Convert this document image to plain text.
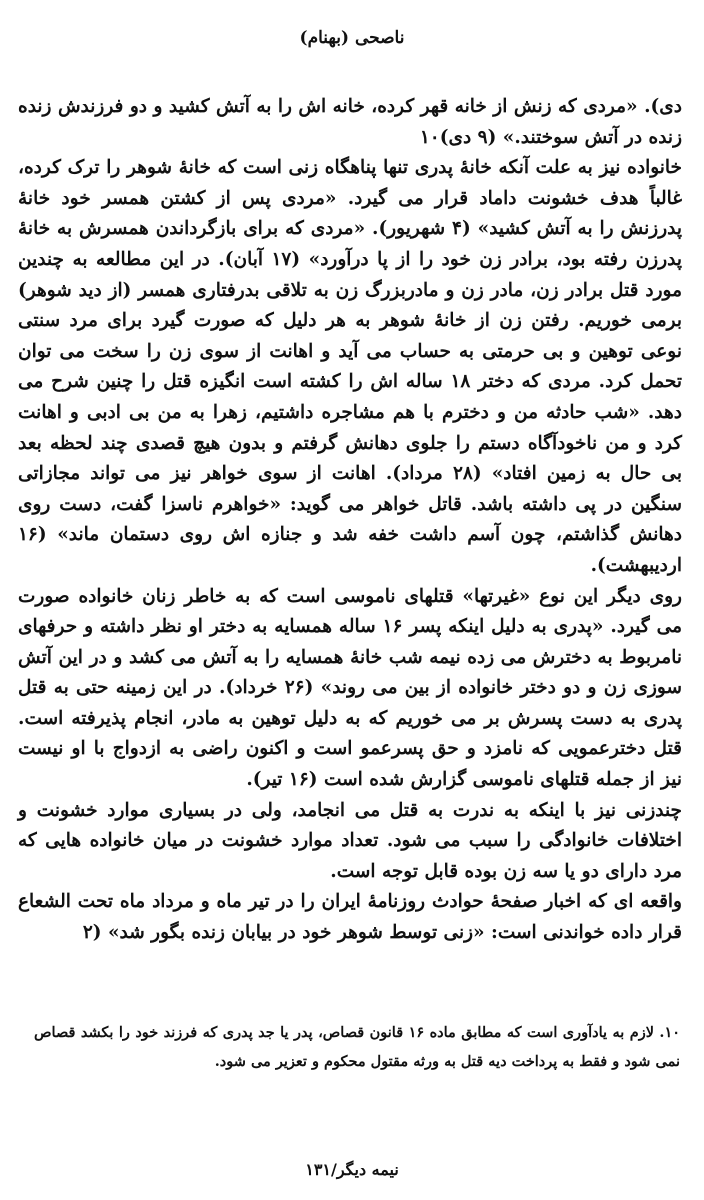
ناصحی (بهنام)

دی). «مردی که زنش از خانه قهر کرده، خانه اش را به آتش کشید و دو فرزندش زنده زنده در آتش سوختند.» (۹ دی)۱۰

خانواده نیز به علت آنکه خانهٔ پدری تنها پناهگاه زنی است که خانهٔ شوهر را ترک کرده، غالباً هدف خشونت داماد قرار می گیرد. «مردی پس از کشتن همسر خود خانهٔ پدرزنش را به آتش کشید» (۴ شهریور). «مردی که برای بازگرداندن همسرش به خانهٔ پدرزن رفته بود، برادر زن خود را از پا درآورد» (۱۷ آبان). در این مطالعه به چندین مورد قتل برادر زن، مادر زن و مادربزرگ زن به تلاقی بدرفتاری همسر (از دید شوهر) برمی خوریم. رفتن زن از خانهٔ شوهر به هر دلیل که صورت گیرد برای مرد سنتی نوعی توهین و بی حرمتی به حساب می آید و اهانت از سوی زن را سخت می توان تحمل کرد. مردی که دختر ۱۸ ساله اش را کشته است انگیزه قتل را چنین شرح می دهد. «شب حادثه من و دخترم با هم مشاجره داشتیم، زهرا به من بی ادبی و اهانت کرد و من ناخودآگاه دستم را جلوی دهانش گرفتم و بدون هیچ قصدی چند لحظه بعد بی حال به زمین افتاد» (۲۸ مرداد). اهانت از سوی خواهر نیز می تواند مجازاتی سنگین در پی داشته باشد. قاتل خواهر می گوید: «خواهرم ناسزا گفت، دست روی دهانش گذاشتم، چون آسم داشت خفه شد و جنازه اش روی دستمان ماند» (۱۶ اردیبهشت).

روی دیگر این نوع «غیرتها» قتلهای ناموسی است که به خاطر زنان خانواده صورت می گیرد. «پدری به دلیل اینکه پسر ۱۶ ساله همسایه به دختر او نظر داشته و حرفهای نامربوط به دخترش می زده نیمه شب خانهٔ همسایه را به آتش می کشد و در این آتش سوزی زن و دو دختر خانواده از بین می روند» (۲۶ خرداد). در این زمینه حتی به قتل پدری به دست پسرش بر می خوریم که به دلیل توهین به مادر، انجام پذیرفته است. قتل دخترعمویی که نامزد و حق پسرعمو است و اکنون راضی به ازدواج با او نیست نیز از جمله قتلهای ناموسی گزارش شده است (۱۶ تیر).

چندزنی نیز با اینکه به ندرت به قتل می انجامد، ولی در بسیاری موارد خشونت و اختلافات خانوادگی را سبب می شود. تعداد موارد خشونت در میان خانواده هایی که مرد دارای دو یا سه زن بوده قابل توجه است.

واقعه ای که اخبار صفحهٔ حوادث روزنامهٔ ایران را در تیر ماه و مرداد ماه تحت الشعاع قرار داده خواندنی است: «زنی توسط شوهر خود در بیابان زنده بگور شد» (۲

۱۰. لازم به یادآوری است که مطابق ماده ۱۶ قانون قصاص، پدر یا جد پدری که فرزند خود را بکشد قصاص نمی شود و فقط به پرداخت دیه قتل به ورثه مقتول محکوم و تعزیر می شود.

نیمه دیگر/۱۳۱
